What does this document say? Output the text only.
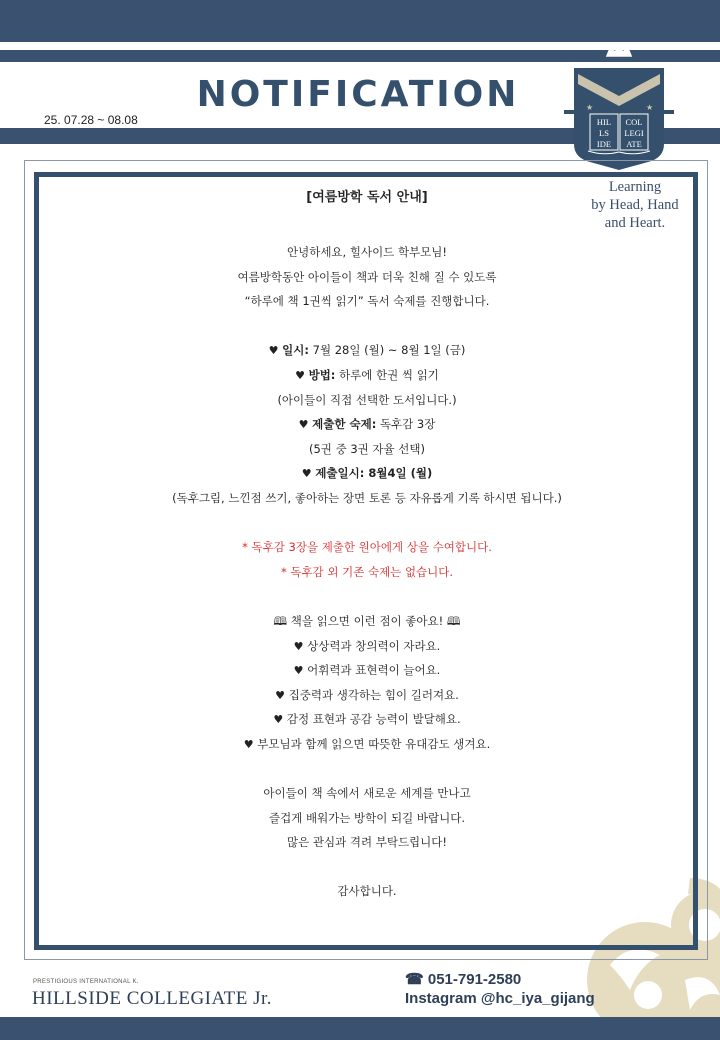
NOTIFICATION
25. 07.28 ~ 08.08
★	★
HIL COL
LS LEGI
IDE ATE
Learning
by Head, Hand
and Heart.
[여름방학 독서 안내]
안녕하세요, 힐사이드 학부모님!
여름방학동안 아이들이 책과 더욱 친해 질 수 있도록
“하루에 책 1권씩 읽기” 독서 숙제를 진행합니다.
♥ 일시: 7월 28일 (월) ~ 8월 1일 (금)
♥ 방법: 하루에 한권 씩 읽기
(아이들이 직접 선택한 도서입니다.)
♥ 제출한 숙제: 독후감 3장
(5권 중 3권 자율 선택)
♥ 제출일시: 8월4일 (월)
(독후그림, 느낀점 쓰기, 좋아하는 장면 토론 등 자유롭게 기록 하시면 됩니다.)
* 독후감 3장을 제출한 원아에게 상을 수여합니다.
* 독후감 외 기존 숙제는 없습니다.
🕮 책을 읽으면 이런 점이 좋아요! 🕮
♥ 상상력과 창의력이 자라요.
♥ 어휘력과 표현력이 늘어요.
♥ 집중력과 생각하는 힘이 길러져요.
♥ 감정 표현과 공감 능력이 발달해요.
♥ 부모님과 함께 읽으면 따뜻한 유대감도 생겨요.
아이들이 책 속에서 새로운 세계를 만나고
즐겁게 배워가는 방학이 되길 바랍니다.
많은 관심과 격려 부탁드립니다!
감사합니다.
PRESTIGIOUS INTERNATIONAL K.
HILLSIDE COLLEGIATE Jr.
☎ 051-791-2580
Instagram @hc_iya_gijang
